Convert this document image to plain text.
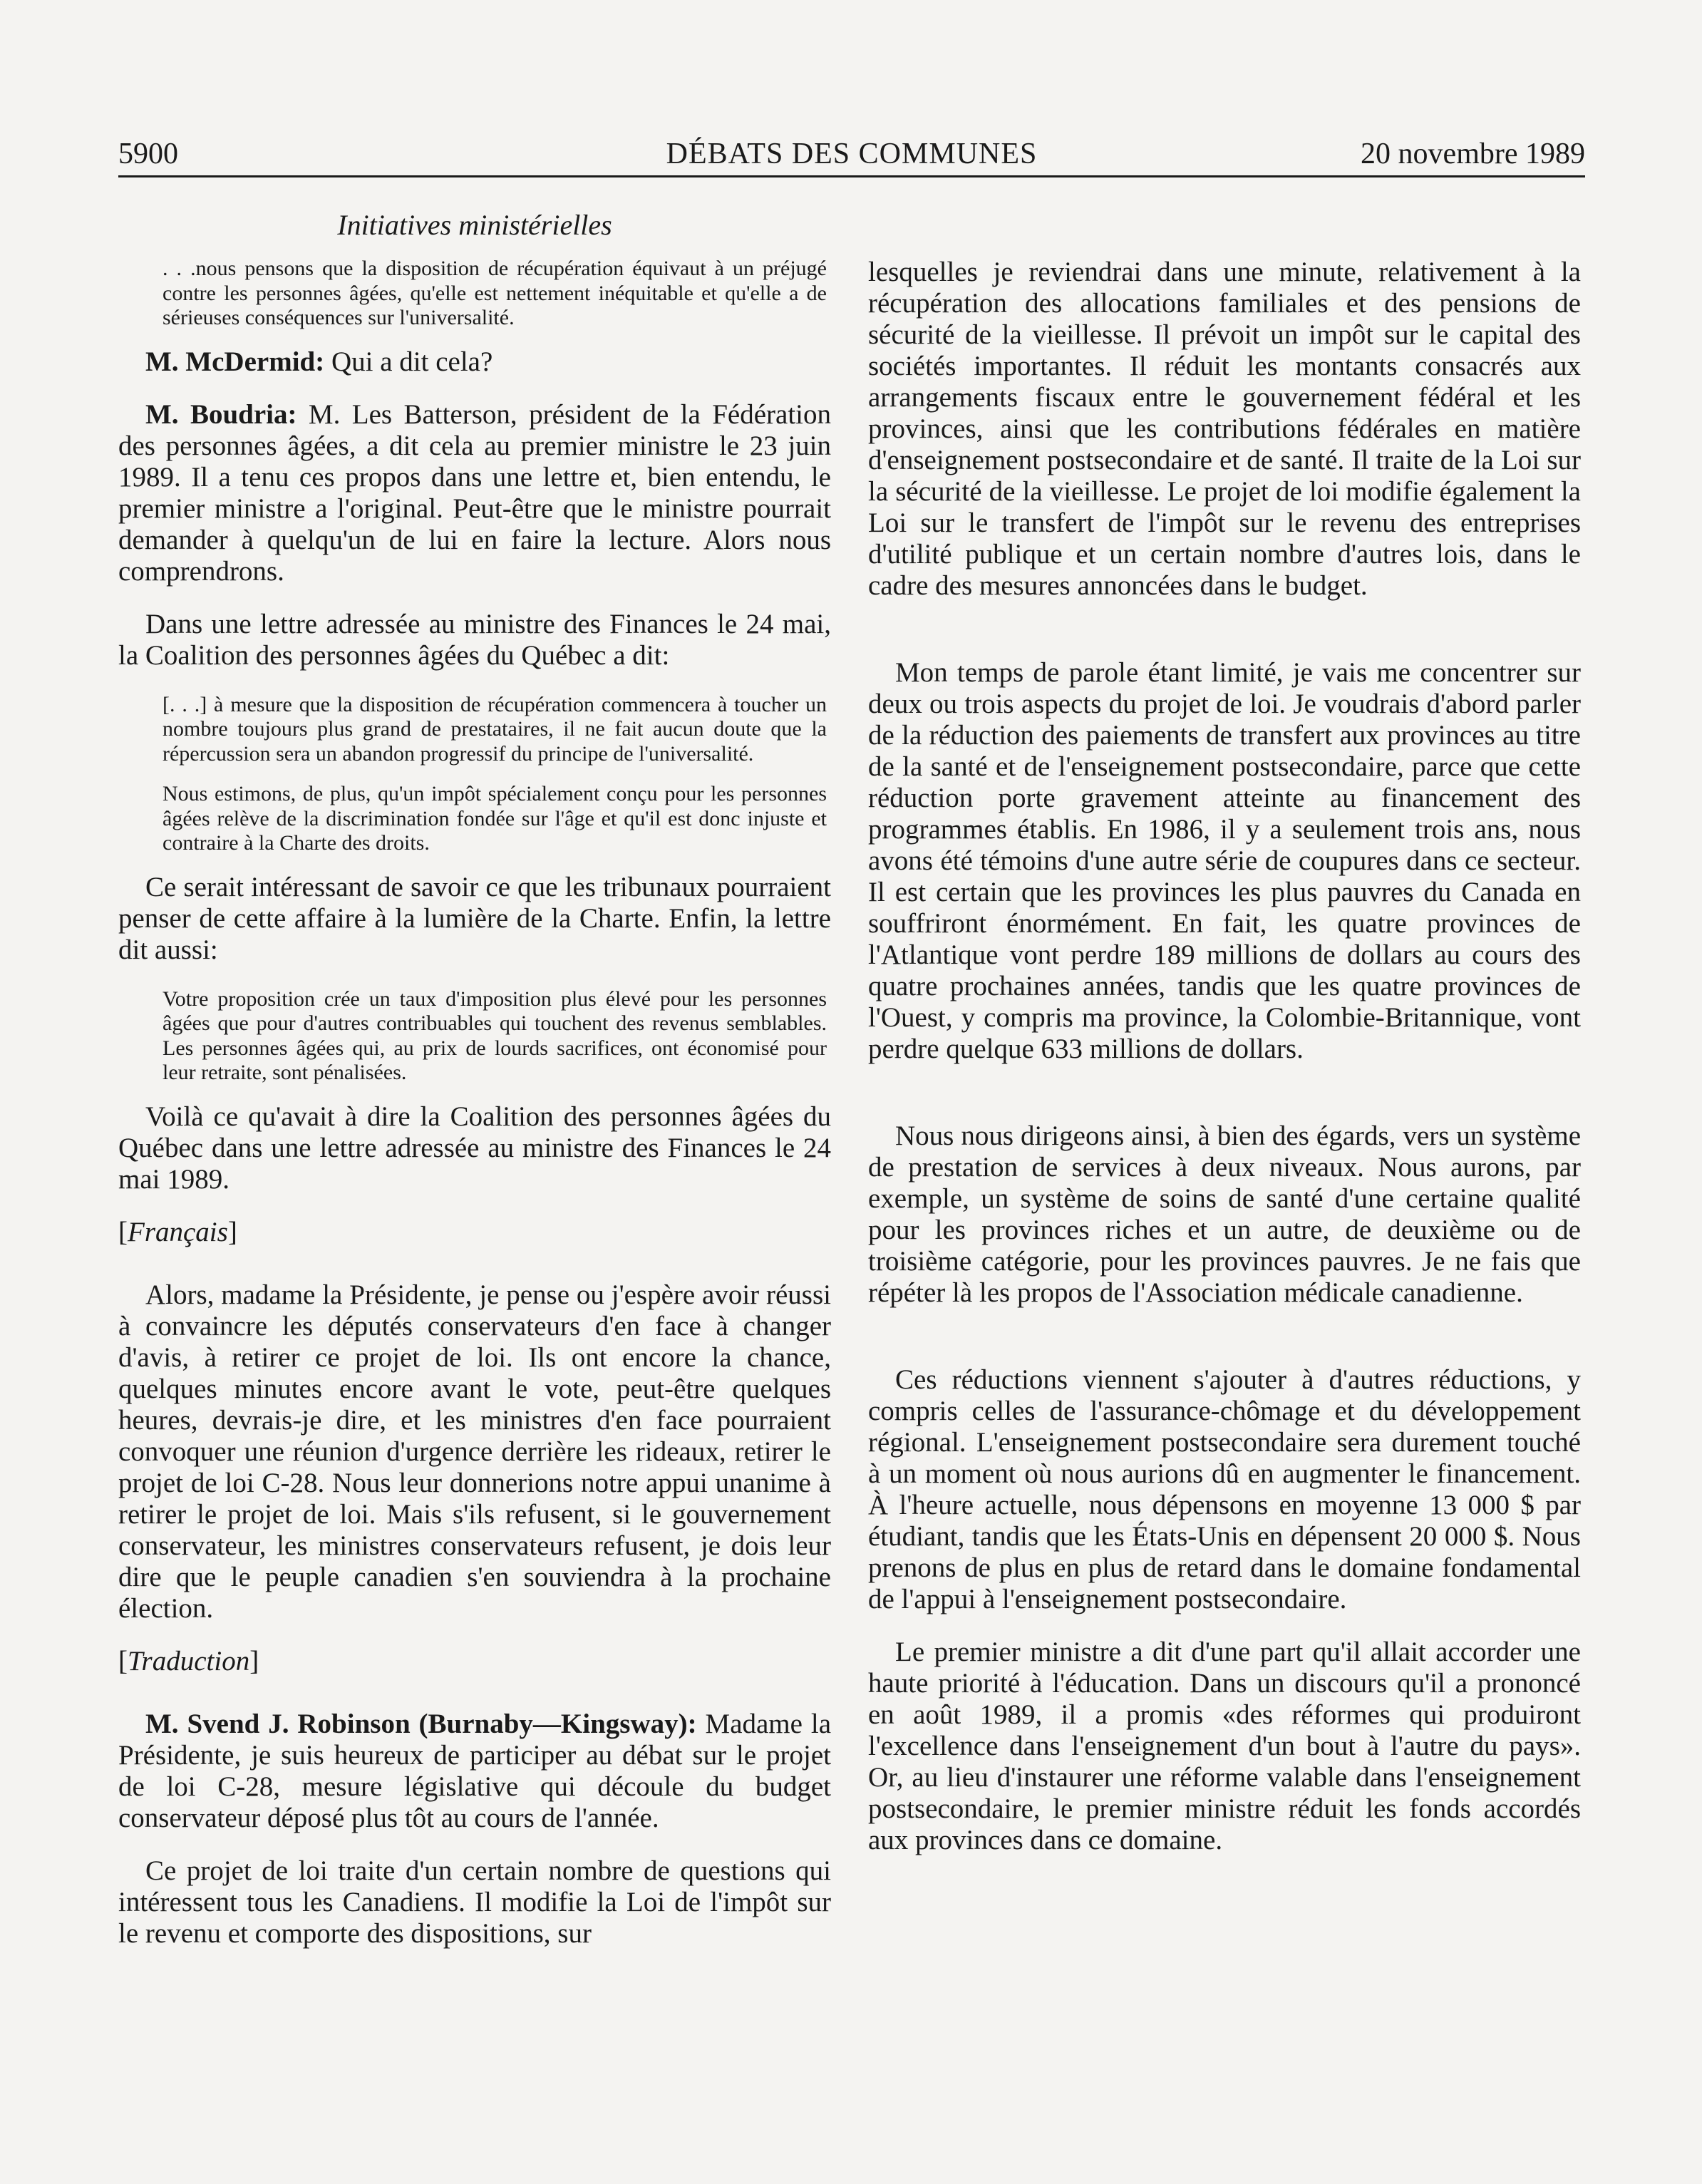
5900	DÉBATS DES COMMUNES	20 novembre 1989
Initiatives ministérielles

. . .nous pensons que la disposition de récupération équivaut à un préjugé contre les personnes âgées, qu'elle est nettement inéquitable et qu'elle a de sérieuses conséquences sur l'universalité.

M. McDermid: Qui a dit cela?

M. Boudria: M. Les Batterson, président de la Fédération des personnes âgées, a dit cela au premier ministre le 23 juin 1989. Il a tenu ces propos dans une lettre et, bien entendu, le premier ministre a l'original. Peut-être que le ministre pourrait demander à quelqu'un de lui en faire la lecture. Alors nous comprendrons.

Dans une lettre adressée au ministre des Finances le 24 mai, la Coalition des personnes âgées du Québec a dit:

[. . .] à mesure que la disposition de récupération commencera à toucher un nombre toujours plus grand de prestataires, il ne fait aucun doute que la répercussion sera un abandon progressif du principe de l'universalité.

Nous estimons, de plus, qu'un impôt spécialement conçu pour les personnes âgées relève de la discrimination fondée sur l'âge et qu'il est donc injuste et contraire à la Charte des droits.

Ce serait intéressant de savoir ce que les tribunaux pourraient penser de cette affaire à la lumière de la Charte. Enfin, la lettre dit aussi:

Votre proposition crée un taux d'imposition plus élevé pour les personnes âgées que pour d'autres contribuables qui touchent des revenus semblables. Les personnes âgées qui, au prix de lourds sacrifices, ont économisé pour leur retraite, sont pénalisées.

Voilà ce qu'avait à dire la Coalition des personnes âgées du Québec dans une lettre adressée au ministre des Finances le 24 mai 1989.

[Français]

Alors, madame la Présidente, je pense ou j'espère avoir réussi à convaincre les députés conservateurs d'en face à changer d'avis, à retirer ce projet de loi. Ils ont encore la chance, quelques minutes encore avant le vote, peut-être quelques heures, devrais-je dire, et les ministres d'en face pourraient convoquer une réunion d'urgence derrière les rideaux, retirer le projet de loi C-28. Nous leur donnerions notre appui unanime à retirer le projet de loi. Mais s'ils refusent, si le gouvernement conservateur, les ministres conservateurs refusent, je dois leur dire que le peuple canadien s'en souviendra à la prochaine élection.

[Traduction]

M. Svend J. Robinson (Burnaby—Kingsway): Madame la Présidente, je suis heureux de participer au débat sur le projet de loi C-28, mesure législative qui découle du budget conservateur déposé plus tôt au cours de l'année.

Ce projet de loi traite d'un certain nombre de questions qui intéressent tous les Canadiens. Il modifie la Loi de l'impôt sur le revenu et comporte des dispositions, sur

lesquelles je reviendrai dans une minute, relativement à la récupération des allocations familiales et des pensions de sécurité de la vieillesse. Il prévoit un impôt sur le capital des sociétés importantes. Il réduit les montants consacrés aux arrangements fiscaux entre le gouvernement fédéral et les provinces, ainsi que les contributions fédérales en matière d'enseignement postsecondaire et de santé. Il traite de la Loi sur la sécurité de la vieillesse. Le projet de loi modifie également la Loi sur le transfert de l'impôt sur le revenu des entreprises d'utilité publique et un certain nombre d'autres lois, dans le cadre des mesures annoncées dans le budget.

Mon temps de parole étant limité, je vais me concentrer sur deux ou trois aspects du projet de loi. Je voudrais d'abord parler de la réduction des paiements de transfert aux provinces au titre de la santé et de l'enseignement postsecondaire, parce que cette réduction porte gravement atteinte au financement des programmes établis. En 1986, il y a seulement trois ans, nous avons été témoins d'une autre série de coupures dans ce secteur. Il est certain que les provinces les plus pauvres du Canada en souffriront énormément. En fait, les quatre provinces de l'Atlantique vont perdre 189 millions de dollars au cours des quatre prochaines années, tandis que les quatre provinces de l'Ouest, y compris ma province, la Colombie-Britannique, vont perdre quelque 633 millions de dollars.

Nous nous dirigeons ainsi, à bien des égards, vers un système de prestation de services à deux niveaux. Nous aurons, par exemple, un système de soins de santé d'une certaine qualité pour les provinces riches et un autre, de deuxième ou de troisième catégorie, pour les provinces pauvres. Je ne fais que répéter là les propos de l'Association médicale canadienne.

Ces réductions viennent s'ajouter à d'autres réductions, y compris celles de l'assurance-chômage et du développement régional. L'enseignement postsecondaire sera durement touché à un moment où nous aurions dû en augmenter le financement. À l'heure actuelle, nous dépensons en moyenne 13 000 $ par étudiant, tandis que les États-Unis en dépensent 20 000 $. Nous prenons de plus en plus de retard dans le domaine fondamental de l'appui à l'enseignement postsecondaire.

Le premier ministre a dit d'une part qu'il allait accorder une haute priorité à l'éducation. Dans un discours qu'il a prononcé en août 1989, il a promis «des réformes qui produiront l'excellence dans l'enseignement d'un bout à l'autre du pays». Or, au lieu d'instaurer une réforme valable dans l'enseignement postsecondaire, le premier ministre réduit les fonds accordés aux provinces dans ce domaine.
